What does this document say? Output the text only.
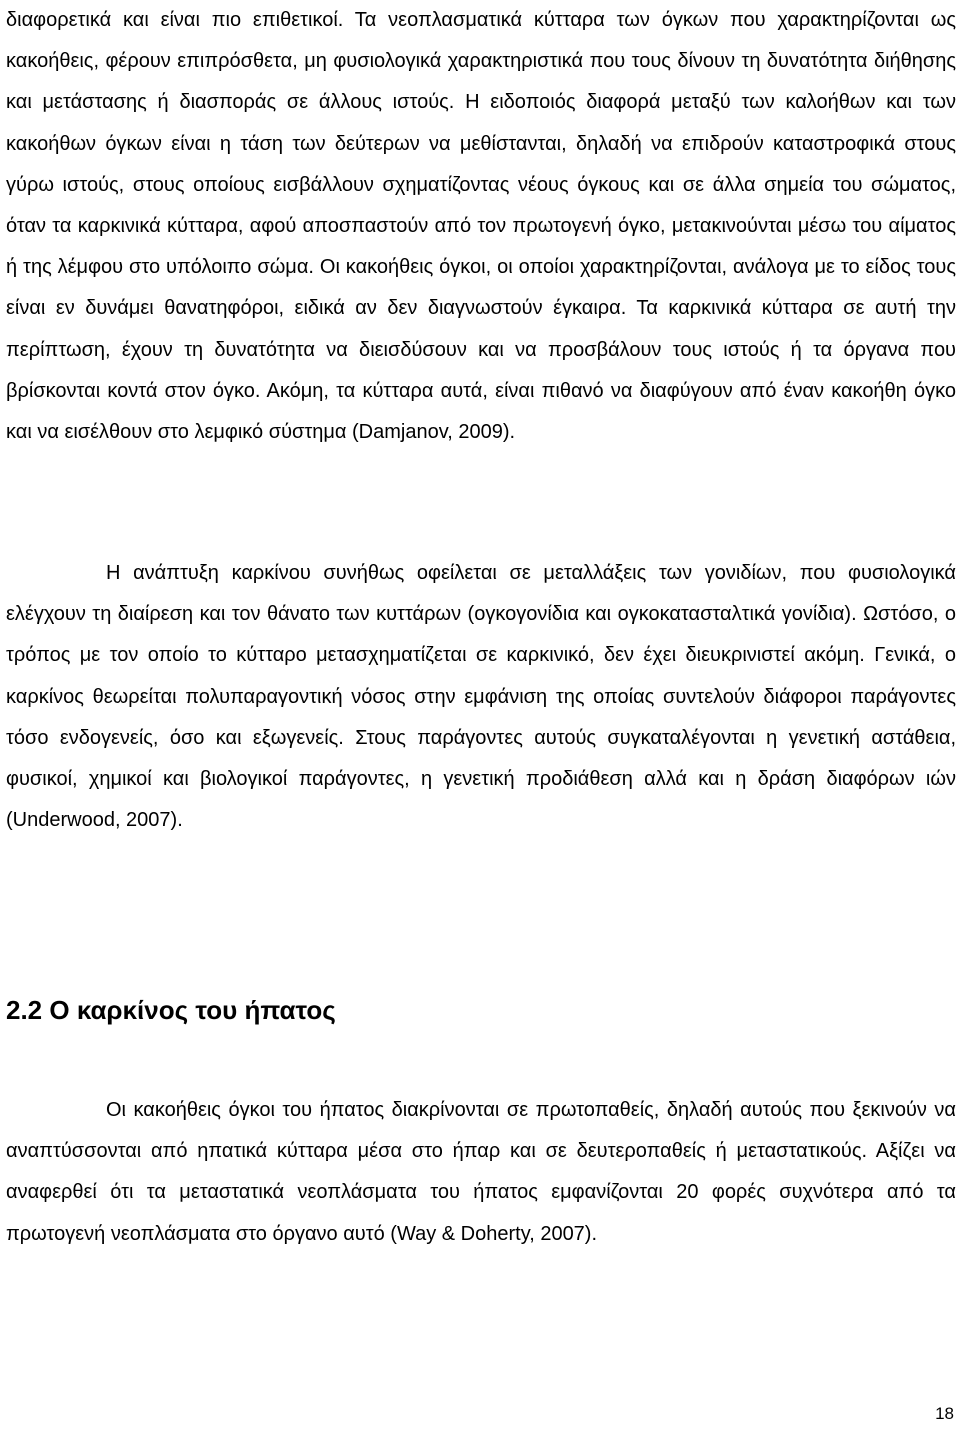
διαφορετικά και είναι πιο επιθετικοί. Τα νεοπλασματικά κύτταρα των όγκων που χαρακτηρίζονται ως κακοήθεις, φέρουν επιπρόσθετα, μη φυσιολογικά χαρακτηριστικά που τους δίνουν τη δυνατότητα διήθησης και μετάστασης ή διασποράς σε άλλους ιστούς. Η ειδοποιός διαφορά μεταξύ των καλοήθων και των κακοήθων όγκων είναι η τάση των δεύτερων να μεθίστανται, δηλαδή να επιδρούν καταστροφικά στους γύρω ιστούς, στους οποίους εισβάλλουν σχηματίζοντας νέους όγκους και σε άλλα σημεία του σώματος, όταν τα καρκινικά κύτταρα, αφού αποσπαστούν από τον πρωτογενή όγκο, μετακινούνται μέσω του αίματος ή της λέμφου στο υπόλοιπο σώμα. Οι κακοήθεις όγκοι, οι οποίοι χαρακτηρίζονται, ανάλογα με το είδος τους είναι εν δυνάμει θανατηφόροι, ειδικά αν δεν διαγνωστούν έγκαιρα. Τα καρκινικά κύτταρα σε αυτή την περίπτωση, έχουν τη δυνατότητα να διεισδύσουν και να προσβάλουν τους ιστούς ή τα όργανα που βρίσκονται κοντά στον όγκο. Ακόμη, τα κύτταρα αυτά, είναι πιθανό να διαφύγουν από έναν κακοήθη όγκο και να εισέλθουν στο λεμφικό σύστημα (Damjanov, 2009).

Η ανάπτυξη καρκίνου συνήθως οφείλεται σε μεταλλάξεις των γονιδίων, που φυσιολογικά ελέγχουν τη διαίρεση και τον θάνατο των κυττάρων (ογκογονίδια και ογκοκατασταλτικά γονίδια). Ωστόσο, ο τρόπος με τον οποίο το κύτταρο μετασχηματίζεται σε καρκινικό, δεν έχει διευκρινιστεί ακόμη. Γενικά, ο καρκίνος θεωρείται πολυπαραγοντική νόσος στην εμφάνιση της οποίας συντελούν διάφοροι παράγοντες τόσο ενδογενείς, όσο και εξωγενείς. Στους παράγοντες αυτούς συγκαταλέγονται η γενετική αστάθεια, φυσικοί, χημικοί και βιολογικοί παράγοντες, η γενετική προδιάθεση αλλά και η δράση διαφόρων ιών (Underwood, 2007).

2.2 Ο καρκίνος του ήπατος

Οι κακοήθεις όγκοι του ήπατος διακρίνονται σε πρωτοπαθείς, δηλαδή αυτούς που ξεκινούν να αναπτύσσονται από ηπατικά κύτταρα μέσα στο ήπαρ και σε δευτεροπαθείς ή μεταστατικούς. Αξίζει να αναφερθεί ότι τα μεταστατικά νεοπλάσματα του ήπατος εμφανίζονται 20 φορές συχνότερα από τα πρωτογενή νεοπλάσματα στο όργανο αυτό (Way & Doherty, 2007).

18
